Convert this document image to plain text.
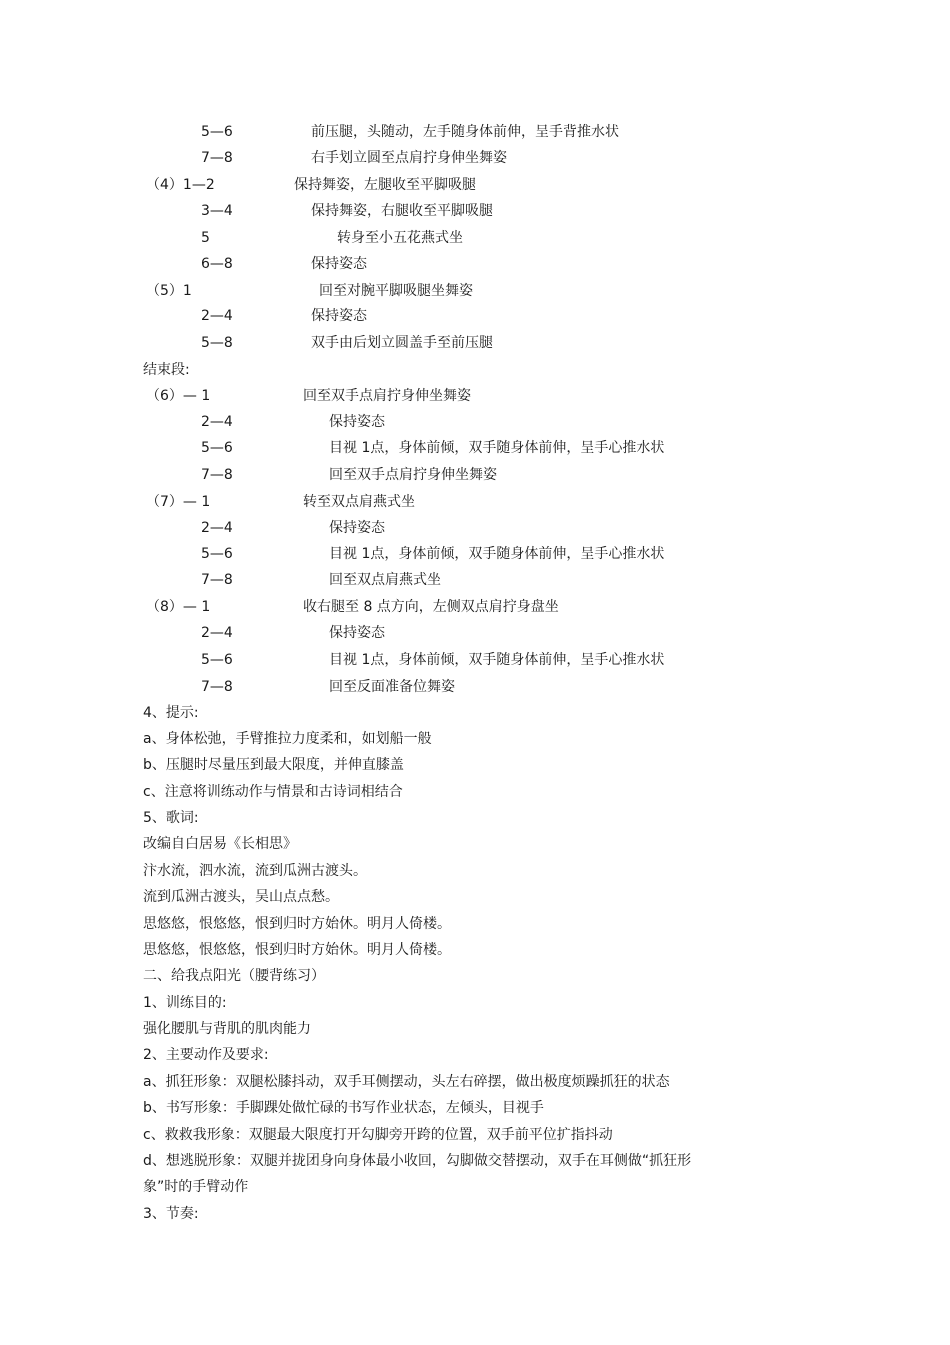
5—6	前压腿，头随动，左手随身体前伸，呈手背推水状
7—8	右手划立圆至点肩拧身伸坐舞姿
（4）1—2	保持舞姿，左腿收至平脚吸腿
3—4	保持舞姿，右腿收至平脚吸腿
5	转身至小五花燕式坐
6—8	保持姿态
（5）1	回至对腕平脚吸腿坐舞姿
2—4	保持姿态
5—8	双手由后划立圆盖手至前压腿
结束段:
（6）— 1	回至双手点肩拧身伸坐舞姿
2—4	保持姿态
5—6	目视 1点，身体前倾，双手随身体前伸，呈手心推水状
7—8	回至双手点肩拧身伸坐舞姿
（7）— 1	转至双点肩燕式坐
2—4	保持姿态
5—6	目视 1点，身体前倾，双手随身体前伸，呈手心推水状
7—8	回至双点肩燕式坐
（8）— 1	收右腿至 8 点方向，左侧双点肩拧身盘坐
2—4	保持姿态
5—6	目视 1点，身体前倾，双手随身体前伸，呈手心推水状
7—8	回至反面准备位舞姿
4、提示:
a、身体松弛，手臂推拉力度柔和，如划船一般
b、压腿时尽量压到最大限度，并伸直膝盖
c、注意将训练动作与情景和古诗词相结合
5、歌词:
改编自白居易《长相思》
汴水流，泗水流，流到瓜洲古渡头。
流到瓜洲古渡头，吴山点点愁。
思悠悠，恨悠悠，恨到归时方始休。明月人倚楼。
思悠悠，恨悠悠，恨到归时方始休。明月人倚楼。
二、给我点阳光（腰背练习）
1、训练目的:
强化腰肌与背肌的肌肉能力
2、主要动作及要求:
a、抓狂形象：双腿松膝抖动，双手耳侧摆动，头左右碎摆，做出极度烦躁抓狂的状态
b、书写形象：手脚踝处做忙碌的书写作业状态，左倾头，目视手
c、救救我形象：双腿最大限度打开勾脚旁开跨的位置，双手前平位扩指抖动
d、想逃脱形象：双腿并拢团身向身体最小收回，勾脚做交替摆动，双手在耳侧做“抓狂形
象”时的手臂动作
3、节奏:
